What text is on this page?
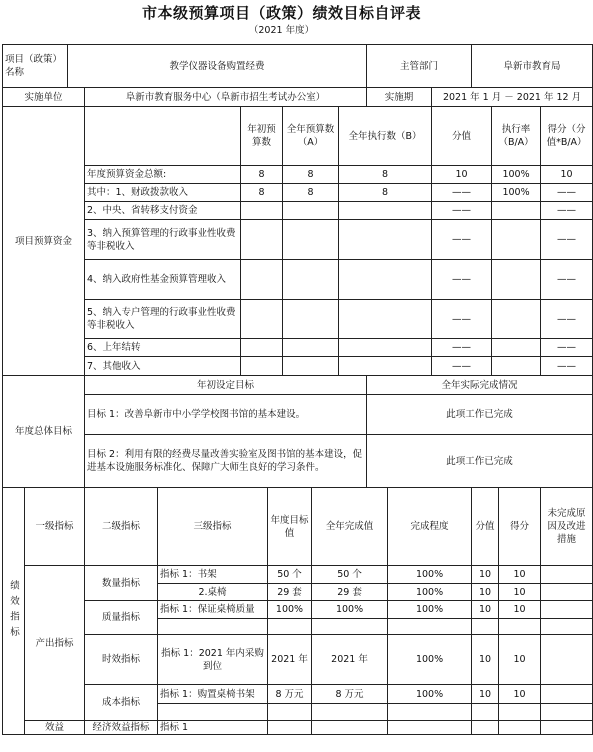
市本级预算项目（政策）绩效目标自评表
（2021 年度）
项目（政策）名称		教学仪器设备购置经费								主管部门			阜新市教育局			
实施单位			阜新市教育服务中心（阜新市招生考试办公室）							实施期		2021 年 1 月 － 2021 年 12 月				
项目预算资金					年初预算数		全年预算数（A）		全年执行数（B）			分值		执行率（B/A）		得分（分值*B/A）
			年度预算资金总额:		8		8		8			10		100%		10
			其中：1、财政拨款收入		8		8		8			——		100%		——
			2、中央、省转移支付资金									——				——
			3、纳入预算管理的行政事业性收费等非税收入									——				——
			4、纳入政府性基金预算管理收入									——				——
			5、纳入专户管理的行政事业性收费等非税收入									——				——
			6、上年结转									——				——
			7、其他收入									——				——
年度总体目标			年初设定目标							全年实际完成情况						
			目标 1：改善阜新市中小学学校图书馆的基本建设。							此项工作已完成						
			目标 2：利用有限的经费尽量改善实验室及图书馆的基本建设，促进基本设施服务标准化、保障广大师生良好的学习条件。							此项工作已完成						
绩效指标	一级指标		二级指标	三级指标		年度目标值		全年完成值			完成程度		分值		得分	未完成原因及改进措施
	产出指标		数量指标	指标 1：书架		50 个		50 个			100%		10		10	
				2.桌椅		29 套		29 套			100%		10		10	
			质量指标	指标 1：保证桌椅质量		100%		100%			100%		10		10	

			时效指标	指标 1：2021 年内采购到位		2021 年		2021 年			100%		10		10	
			成本指标	指标 1：购置桌椅书架		8 万元		8 万元			100%		10		10	

	效益		经济效益指标	指标 1												
